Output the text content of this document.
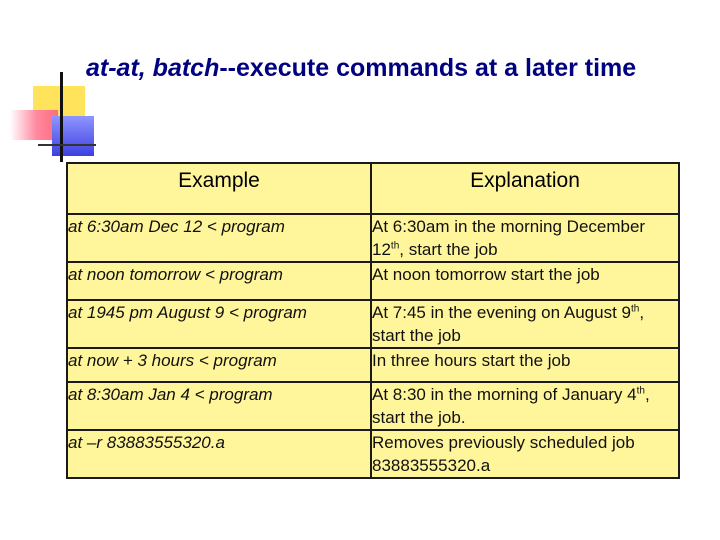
at-at, batch--execute commands at a later time
Example	Explanation
at 6:30am Dec 12 < program	At 6:30am in the morning December 12th, start the job
at noon tomorrow < program	At noon tomorrow start the job
at 1945 pm August 9 < program	At 7:45 in the evening on August 9th, start the job
at now + 3 hours < program	In three hours start the job
at 8:30am Jan 4 < program	At 8:30 in the morning of January 4th, start the job.
at –r 83883555320.a	Removes previously scheduled job 83883555320.a
